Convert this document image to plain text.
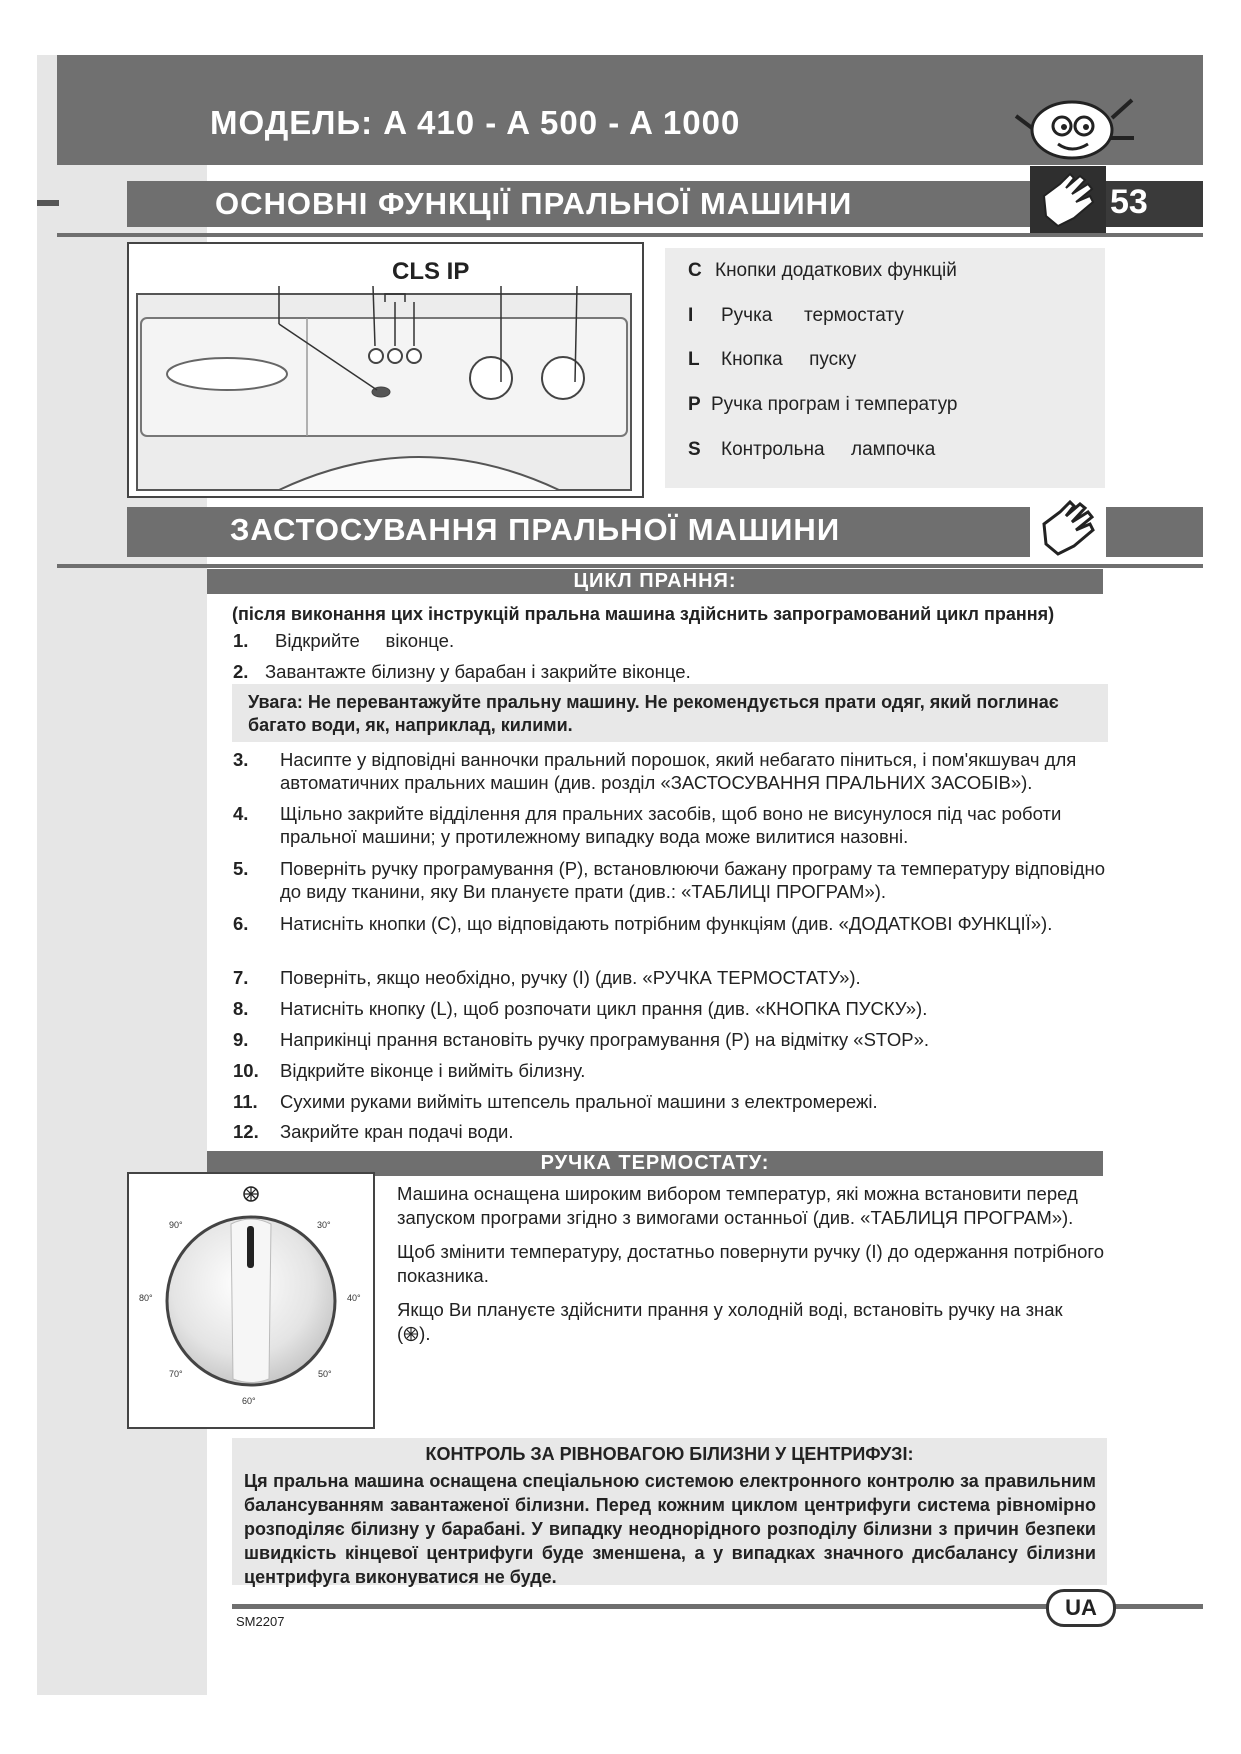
МОДЕЛЬ: A 410 - A 500 - A 1000
ОСНОВНІ ФУНКЦІЇ ПРАЛЬНОЇ МАШИНИ	53
CLS IP	C Кнопки додаткових функцій
I Ручка      термостату
L Кнопка     пуску
P Ручка програм і температур
S Контрольна     лампочка
ЗАСТОСУВАННЯ ПРАЛЬНОЇ МАШИНИ
ЦИКЛ ПРАННЯ:
(після виконання цих інструкцій пральна машина здійснить запрограмований цикл прання)
1. Відкрийте     віконце.
2. Завантажте білизну у барабан і закрийте віконце.
Увага: Не перевантажуйте пральну машину. Не рекомендується прати одяг, який поглинає багато води, як, наприклад, килими.
3. Насипте у відповідні ванночки пральний порошок, який небагато піниться, і пом'якшувач для автоматичних пральних машин (див. розділ «ЗАСТОСУВАННЯ ПРАЛЬНИХ ЗАСОБІВ»).
4. Щільно закрийте відділення для пральних засобів, щоб воно не висунулося під час роботи пральної машини; у протилежному випадку вода може вилитися назовні.
5. Поверніть ручку програмування (P), встановлюючи бажану програму та температуру відповідно до виду тканини, яку Ви плануєте прати (див.: «ТАБЛИЦІ ПРОГРАМ»).
6. Натисніть кнопки (C), що відповідають потрібним функціям (див. «ДОДАТКОВІ ФУНКЦІЇ»).
7. Поверніть, якщо необхідно, ручку (I) (див. «РУЧКА ТЕРМОСТАТУ»).
8. Натисніть кнопку (L), щоб розпочати цикл прання (див. «КНОПКА ПУСКУ»).
9. Наприкінці прання встановіть ручку програмування (P) на відмітку «STOP».
10. Відкрийте віконце і вийміть білизну.
11. Сухими руками вийміть штепсель пральної машини з електромережі.
12. Закрийте кран подачі води.
РУЧКА ТЕРМОСТАТУ:
90°	30°
80°	40°
70°	50°
60°
Машина оснащена широким вибором температур, які можна встановити перед запуском програми згідно з вимогами останньої (див. «ТАБЛИЦЯ ПРОГРАМ»).
Щоб змінити температуру, достатньо повернути ручку (I) до одержання потрібного показника.
Якщо Ви плануєте здійснити прання у холодній воді, встановіть ручку на знак
( ).
КОНТРОЛЬ ЗА РІВНОВАГОЮ БІЛИЗНИ У ЦЕНТРИФУЗІ:
Ця пральна машина оснащена спеціальною системою електронного контролю за правильним балансуванням завантаженої білизни. Перед кожним циклом центрифуги система рівномірно розподіляє білизну у барабані. У випадку неоднорідного розподілу білизни з причин безпеки швидкість кінцевої центрифуги буде зменшена, а у випадках значного дисбалансу білизни центрифуга виконуватися не буде.
UA
SM2207
